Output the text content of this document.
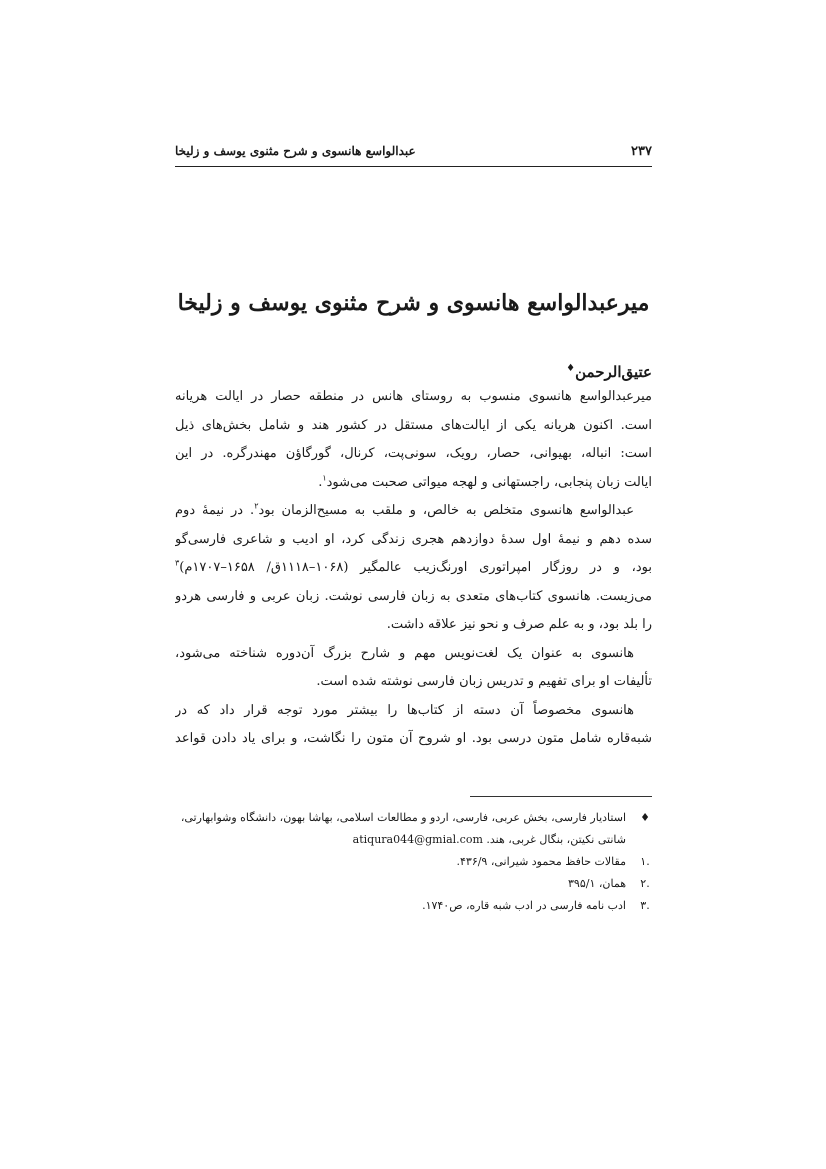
۲۳۷
عبدالواسع هانسوی و شرح مثنوی یوسف و زلیخا
میرعبدالواسع هانسوی و شرح مثنوی یوسف و زلیخا
عتیق‌الرحمن♦
میرعبدالواسع هانسوی منسوب به روستای هانس در منطقه حصار در ایالت هریانه
است. اکنون هریانه یکی از ایالت‌های مستقل در کشور هند و شامل بخش‌های ذیل
است: انباله، بهیوانی، حصار، رویک، سونی‌پت، کرنال، گورگاؤن مهندرگره. در این
ایالت زبان پنجابی، راجستهانی و لهجه میواتی صحبت می‌شود$^۱$.
عبدالواسع هانسوی متخلص به خالص، و ملقب به مسیح‌الزمان بود$^۲$. در نیمهٔ دوم
سده دهم و نیمهٔ اول سدهٔ دوازدهم هجری زندگی کرد، او ادیب و شاعری فارسی‌گو
بود، و در روزگار امپراتوری اورنگ‌زیب عالمگیر (۱۰۶۸–۱۱۱۸ق/ ۱۶۵۸–۱۷۰۷م)$^۳$
می‌زیست. هانسوی کتاب‌های متعدی به زبان فارسی نوشت. زبان عربی و فارسی هردو
را بلد بود، و به علم صرف و نحو نیز علاقه داشت.
هانسوی به عنوان یک لغت‌نویس مهم و شارح بزرگ آن‌دوره شناخته می‌شود،
تألیفات او برای تفهیم و تدریس زبان فارسی نوشته شده است.
هانسوی مخصوصاً آن دسته از کتاب‌ها را بیشتر مورد توجه قرار داد که در
شبه‌قاره شامل متون درسی بود. او شروح آن متون را نگاشت، و برای یاد دادن قواعد
♦
استادیار فارسی، بخش عربی، فارسی، اردو و مطالعات اسلامی، بهاشا بهون، دانشگاه وشوابهارتی،
شانتی نکیتن، بنگال غربی، هند. atiqura044@gmial.com
.۱
مقالات حافظ محمود شیرانی، ۴۳۶/۹.
.۲
همان، ۳۹۵/۱
.۳
ادب نامه فارسی در ادب شبه قاره، ص۱۷۴۰.
